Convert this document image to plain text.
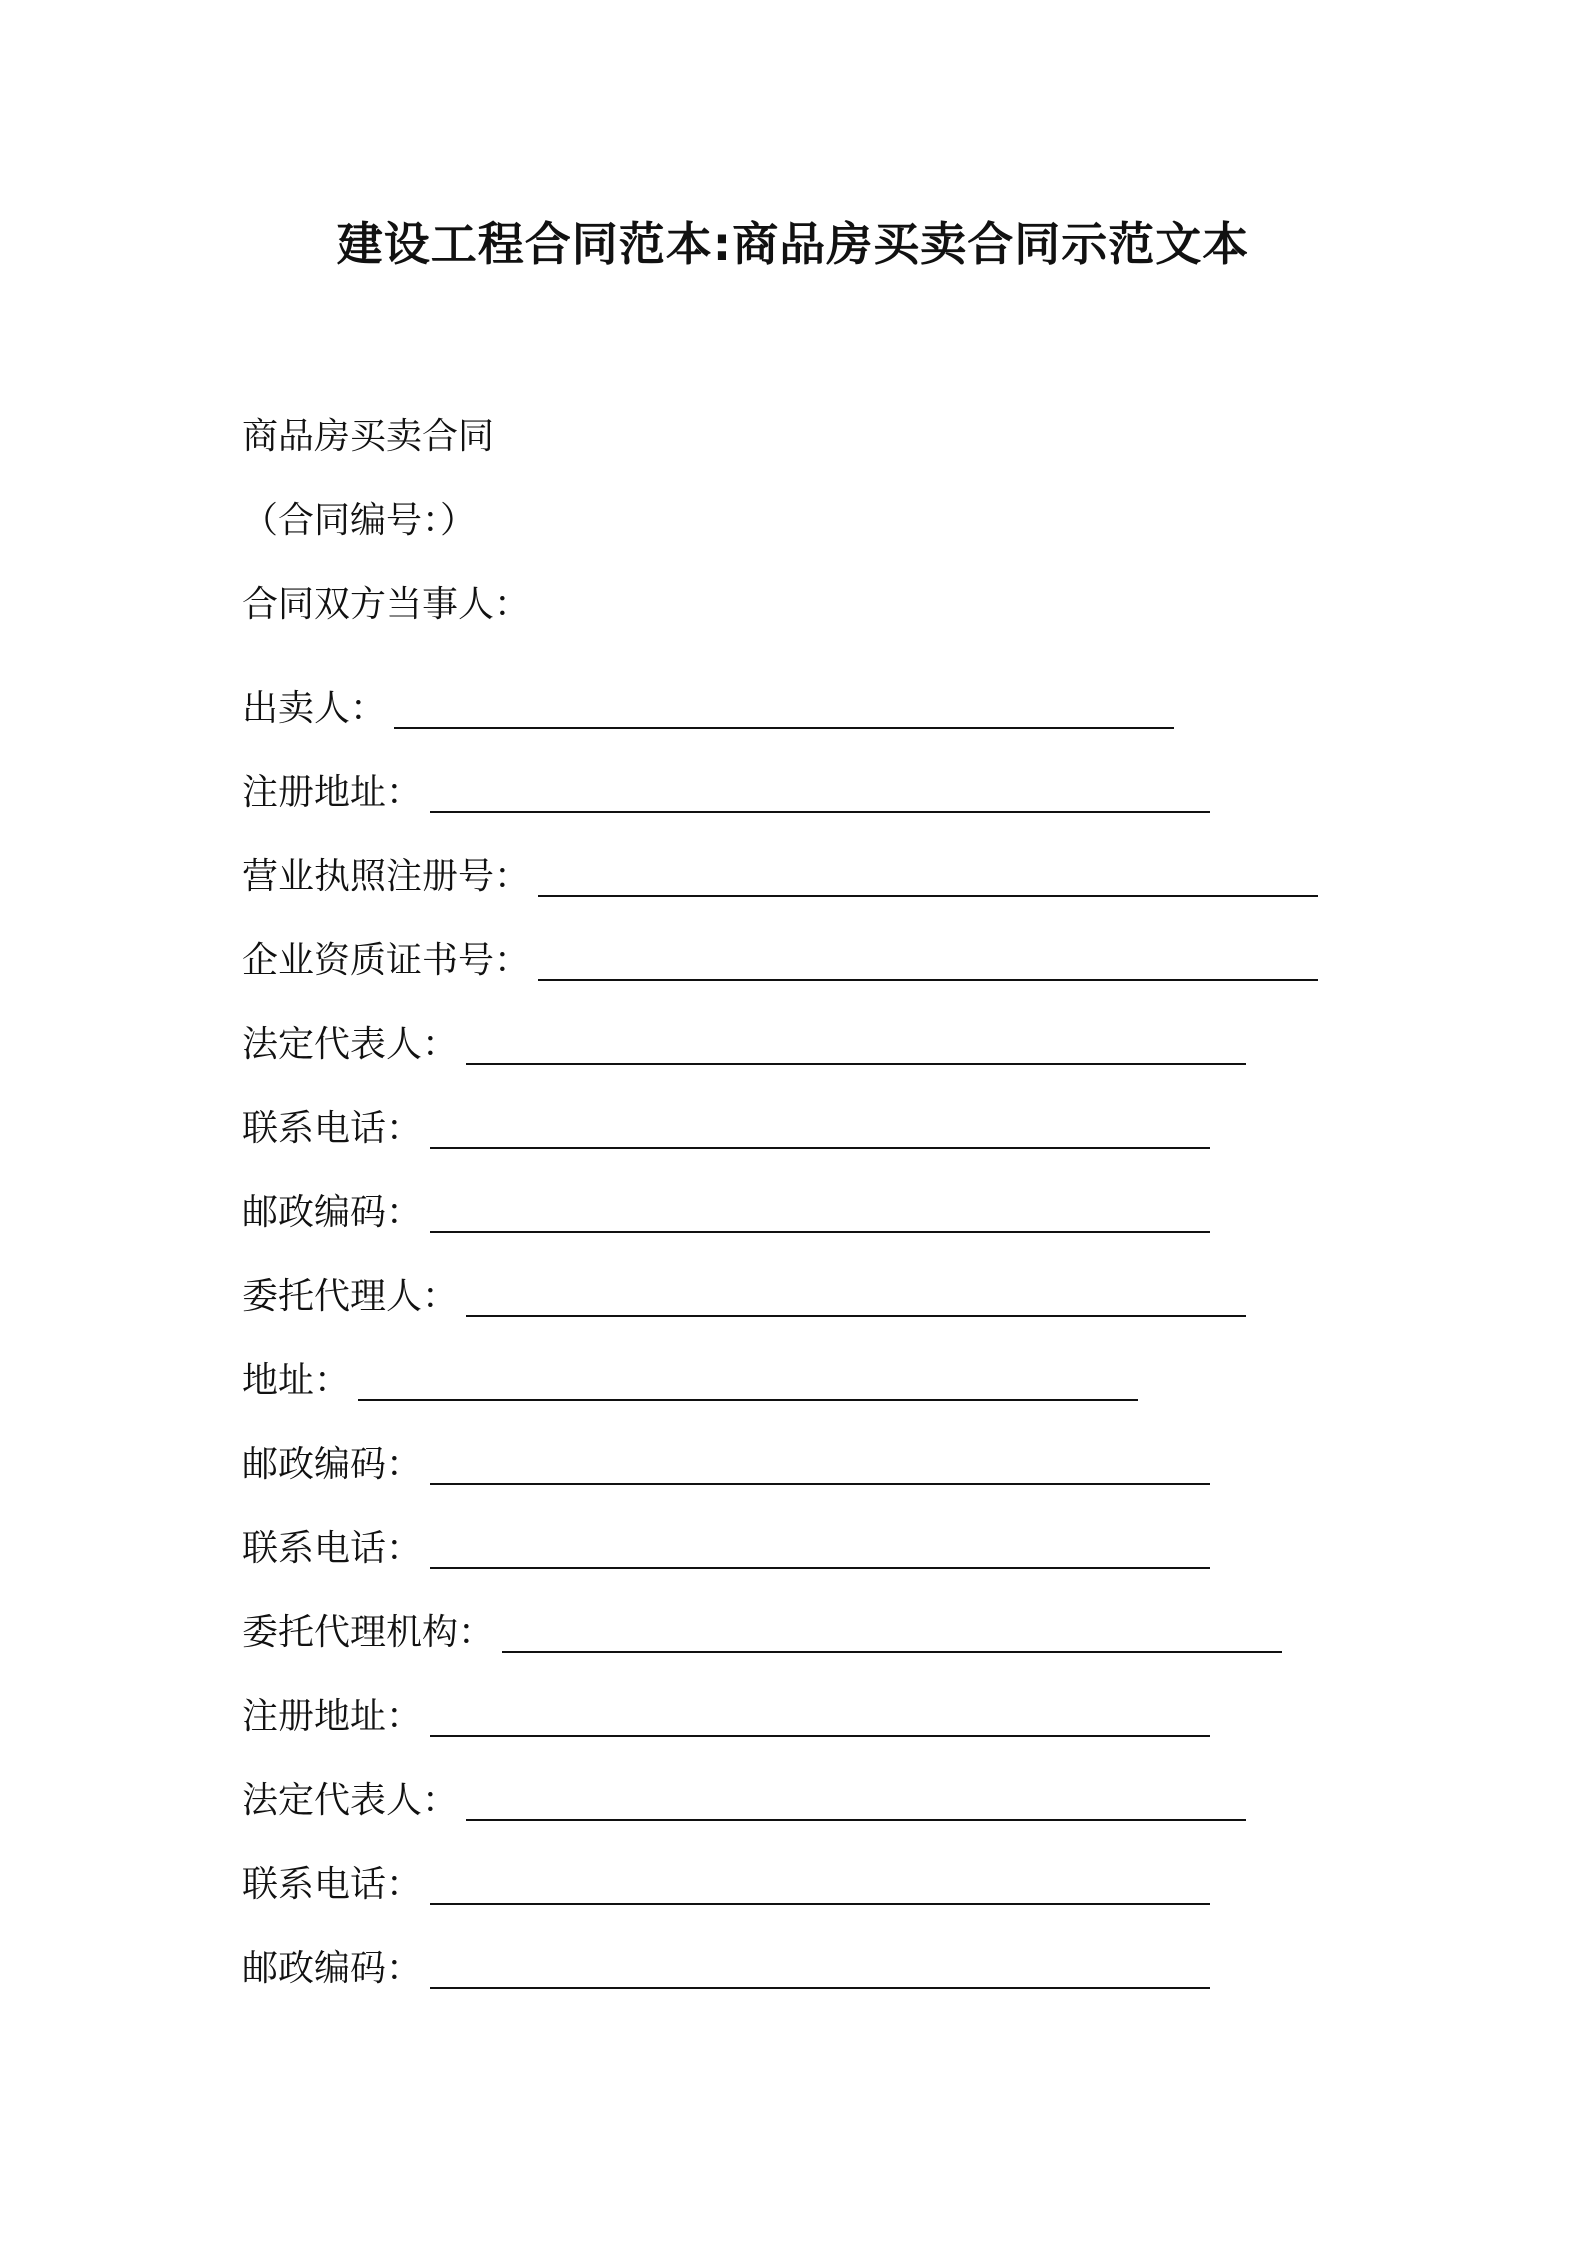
建设工程合同范本:商品房买卖合同示范文本
商品房买卖合同
（合同编号：）
合同双方当事人：
出卖人：
注册地址：
营业执照注册号：
企业资质证书号：
法定代表人：
联系电话：
邮政编码：
委托代理人：
地址：
邮政编码：
联系电话：
委托代理机构：
注册地址：
法定代表人：
联系电话：
邮政编码：
